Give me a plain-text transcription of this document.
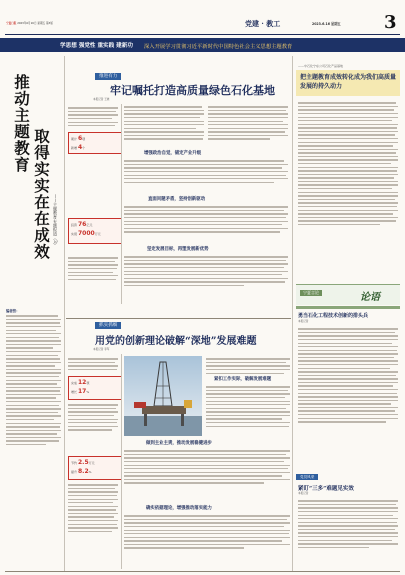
宁夏日报 2023年6月16日 星期五 第3版	党建 · 教工	2023.6.16 星期五 3
学思想 强党性 重实践 建新功 深入开展学习贯彻习近平新时代中国特色社会主义思想主题教育
推动主题教育
取得实实在在成效 ——主题教育专题报道（3）
编者按：
推进有力
牢记嘱托打造高质量绿色石化基地
本报记者 王晓
累计 6项
新增 4个
投资 76亿元
实现 7000万元
增强政治自觉，锚定产业升级
直面问题矛盾，坚持创新驱动
坚定发展目标，再塑发展新优势
——中石化宁东公司石化产品基地
把主题教育成效转化成为我们高质量发展的持久动力
宁夏言论	论语
勇当石化工程技术创新的排头兵
本报记者
党员风采
紧盯“三多”难题见实效
本报记者
抓实抓细
用党的创新理论破解“深地”发展难题
本报记者 李军
完成 12项
增长 17%
节约 2.5万元
提升 8.2%
紧扣工作实际，破解发展难题
做到主业主责，推动发展稳健进步
确实依据理论，增强推动落实能力
